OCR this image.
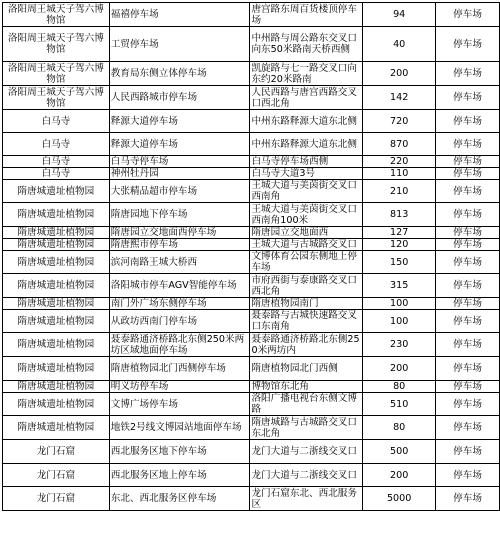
洛阳周王城天子驾六博物馆	福禧停车场	唐宫路东周百货楼顶停车场	94	停车场
洛阳周王城天子驾六博物馆	工贸停车场	中州路与周公路东交叉口向东50米路南天桥西侧	40	停车场
洛阳周王城天子驾六博物馆	教育局东侧立体停车场	凯旋路与七一路交叉口向东约20米路南	200	停车场
洛阳周王城天子驾六博物馆	人民西路城市停车场	人民西路与唐宫西路交叉口西北角	142	停车场
白马寺	释源大道停车场	中州东路释源大道东北侧	720	停车场
白马寺	释源大道停车场	中州东路释源大道东北侧	870	停车场
白马寺	白马寺停车场	白马寺停车场西侧	220	停车场
白马寺	神州牡丹园	白马寺大道3号	110	停车场
隋唐城遗址植物园	大张精品超市停车场	王城大道与美茵街交叉口西南角	210	停车场
隋唐城遗址植物园	隋唐园地下停车场	王城大道与美茵街交叉口西南角100米	813	停车场
隋唐城遗址植物园	隋唐园立交地面西停车场	隋唐园立交地面西	127	停车场
隋唐城遗址植物园	隋唐熙市停车场	王城大道与古城路交叉口	120	停车场
隋唐城遗址植物园	滨河南路王城大桥西	文博体育公园东侧地上停车场	150	停车场
隋唐城遗址植物园	洛阳城市停车AGV智能停车场	市府西街与泰康路交叉口西北角	315	停车场
隋唐城遗址植物园	南门外广场东侧停车场	隋唐植物园南门	100	停车场
隋唐城遗址植物园	从政坊西南门停车场	聂泰路与古城快速路交叉口东南角	100	停车场
隋唐城遗址植物园	聂泰路通济桥路北东侧250米两坊区域地面停车场	聂泰路通济桥路北东侧250米两坊内	230	停车场
隋唐城遗址植物园	隋唐植物园北门西侧停车场	隋唐植物园北门西侧	200	停车场
隋唐城遗址植物园	明义坊停车场	博物馆东北角	80	停车场
隋唐城遗址植物园	文博广场停车场	洛阳广播电视台东侧文博路	510	停车场
隋唐城遗址植物园	地铁2号线文博园站地面停车场	隋唐城路与古城路交叉口东北角	80	停车场
龙门石窟	西北服务区地下停车场	龙门大道与二浙线交叉口	500	停车场
龙门石窟	西北服务区地上停车场	龙门大道与二浙线交叉口	200	停车场
龙门石窟	东北、西北服务区停车场	龙门石窟东北、西北服务区	5000	停车场
